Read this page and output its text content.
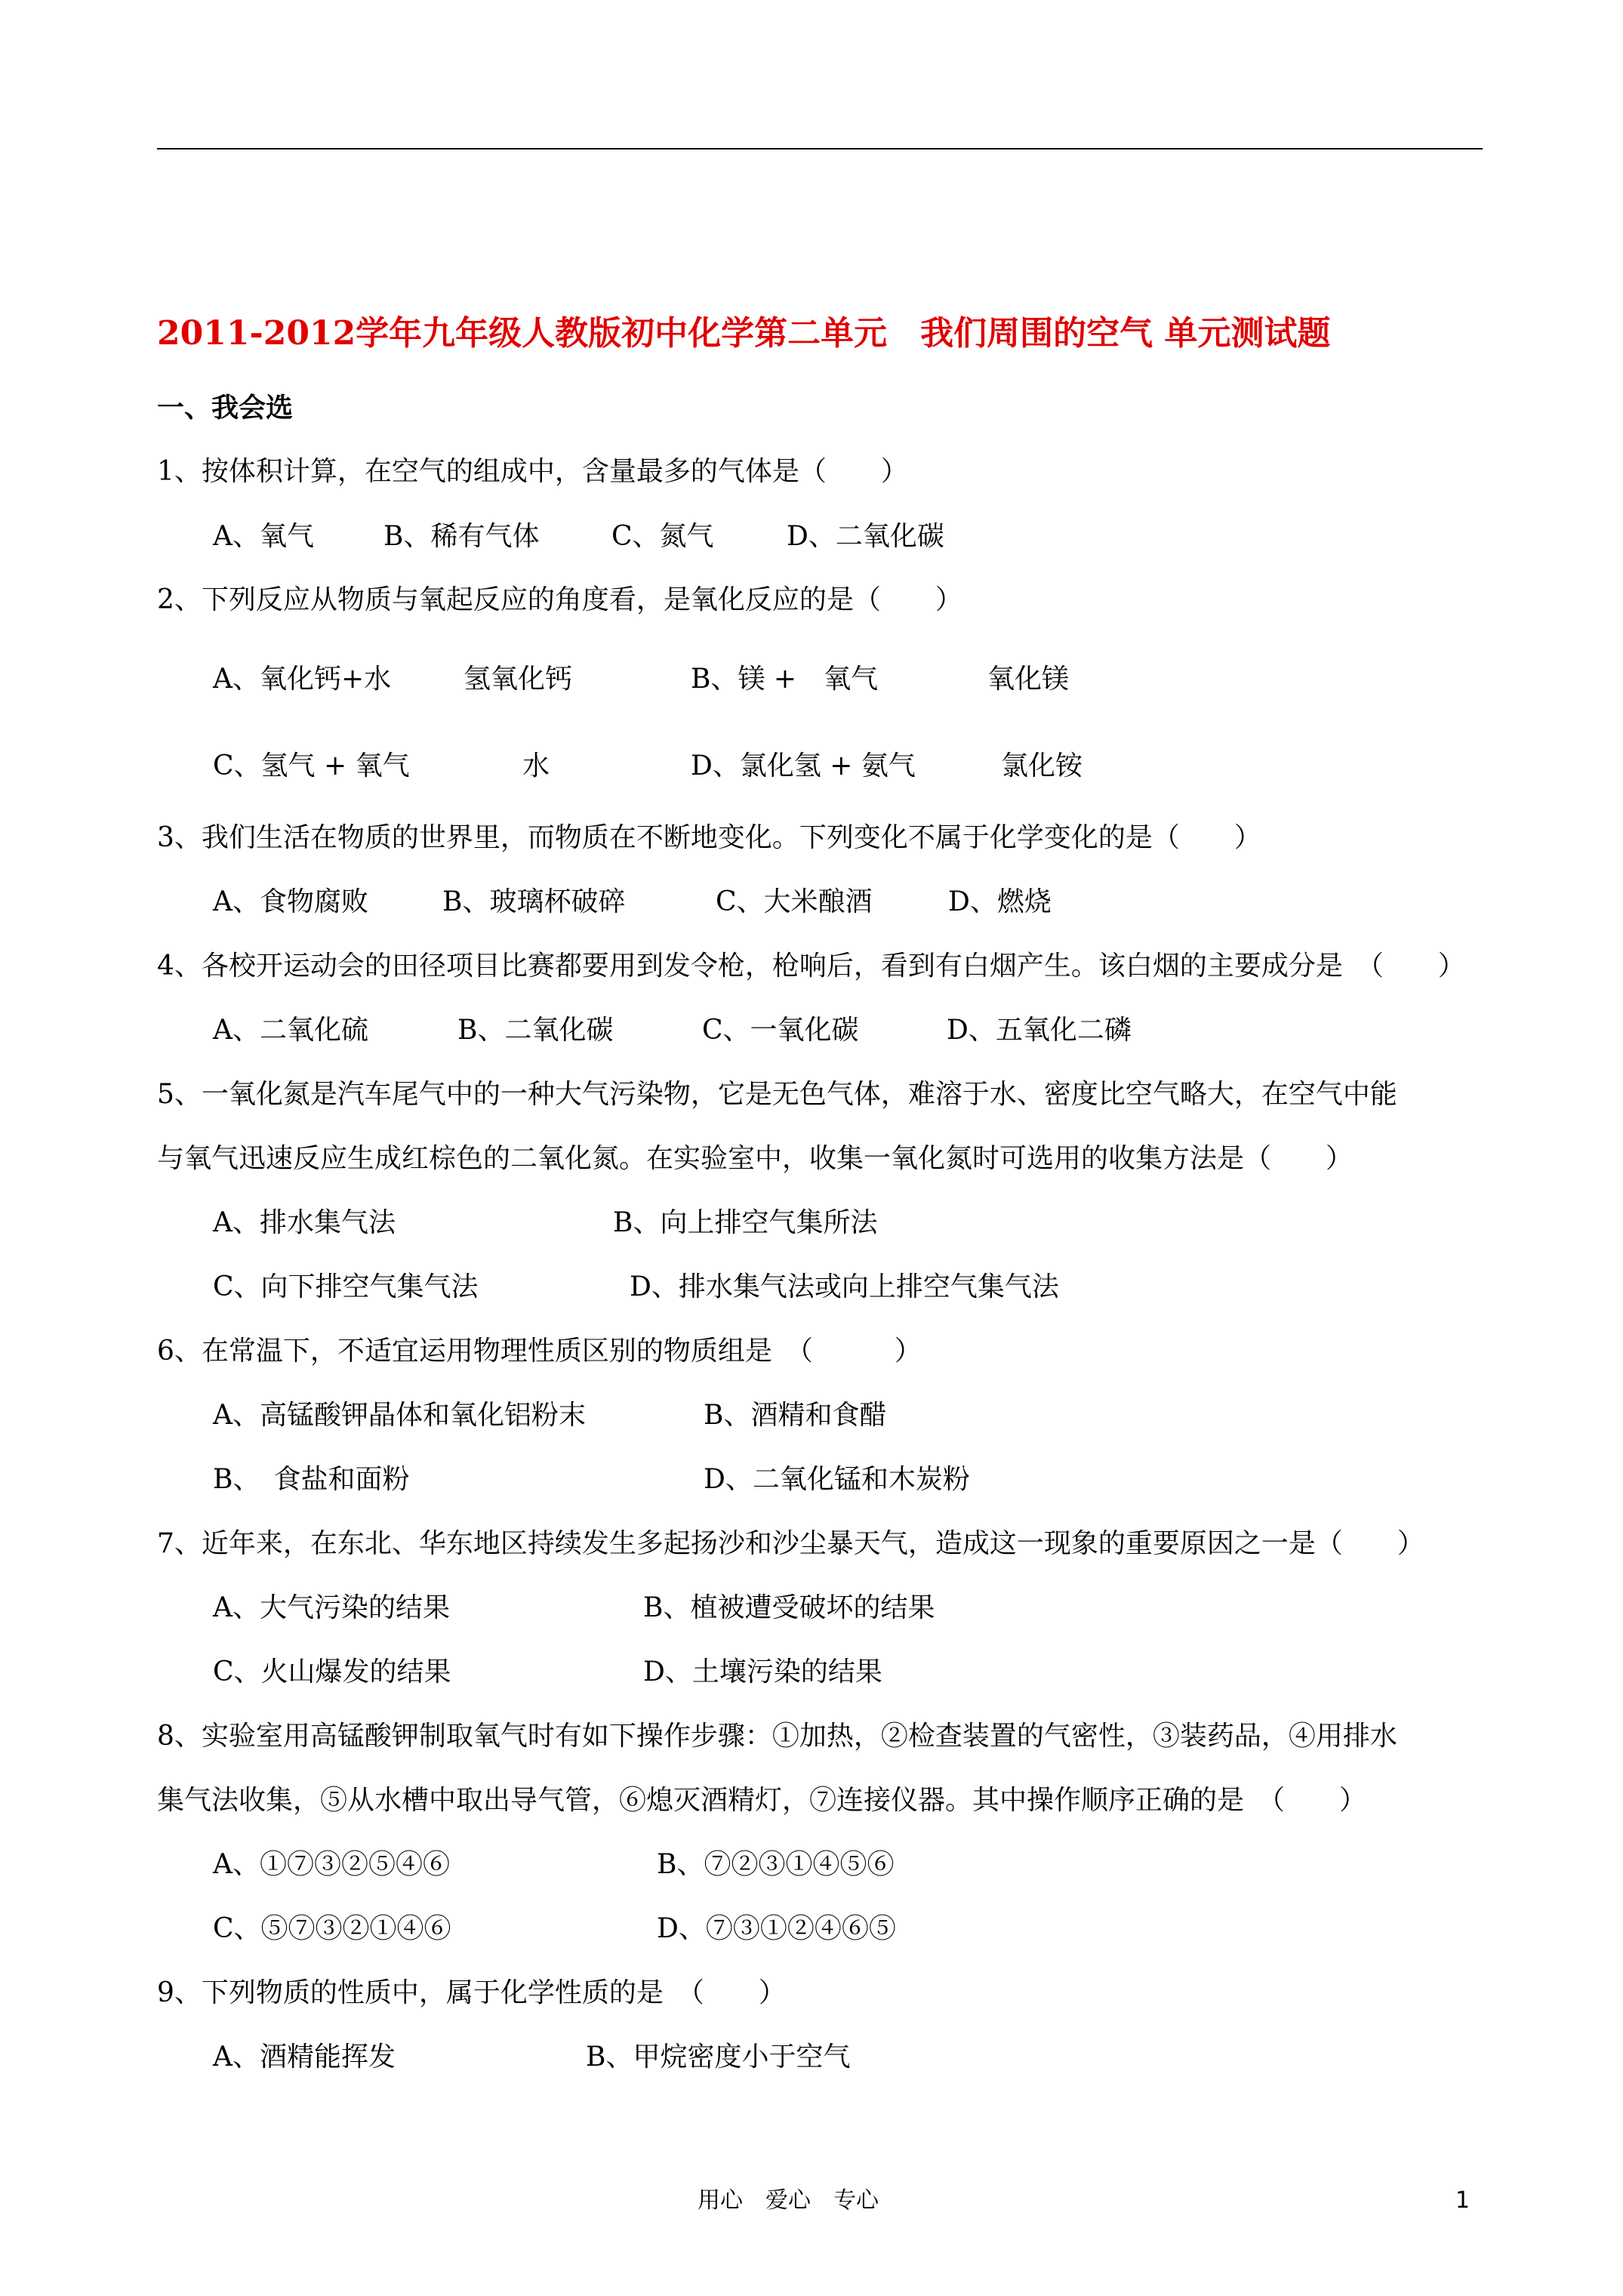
2011-2012学年九年级人教版初中化学第二单元　我们周围的空气 单元测试题
一、我会选
1、按体积计算，在空气的组成中，含量最多的气体是（　　）
A、氧气	B、稀有气体	C、氮气	D、二氧化碳
2、下列反应从物质与氧起反应的角度看，是氧化反应的是（　　）
A、氧化钙+水	氢氧化钙	B、镁 +　氧气	氧化镁
C、氢气 + 氧气	水	D、氯化氢 + 氨气	氯化铵
3、我们生活在物质的世界里，而物质在不断地变化。下列变化不属于化学变化的是（　　）
A、食物腐败	B、玻璃杯破碎	C、大米酿酒	D、燃烧
4、各校开运动会的田径项目比赛都要用到发令枪，枪响后，看到有白烟产生。该白烟的主要成分是　（　　）
A、二氧化硫	B、二氧化碳	C、一氧化碳	D、五氧化二磷
5、一氧化氮是汽车尾气中的一种大气污染物，它是无色气体，难溶于水、密度比空气略大，在空气中能
与氧气迅速反应生成红棕色的二氧化氮。在实验室中，收集一氧化氮时可选用的收集方法是（　　）
A、排水集气法	B、向上排空气集所法
C、向下排空气集气法	D、排水集气法或向上排空气集气法
6、在常温下，不适宜运用物理性质区别的物质组是　（　　　）
A、高锰酸钾晶体和氧化铝粉末	B、酒精和食醋
B、　食盐和面粉	D、二氧化锰和木炭粉
7、近年来，在东北、华东地区持续发生多起扬沙和沙尘暴天气，造成这一现象的重要原因之一是（　　）
A、大气污染的结果	B、植被遭受破坏的结果
C、火山爆发的结果	D、土壤污染的结果
8、实验室用高锰酸钾制取氧气时有如下操作步骤：①加热，②检查装置的气密性，③装药品，④用排水
集气法收集，⑤从水槽中取出导气管，⑥熄灭酒精灯，⑦连接仪器。其中操作顺序正确的是　（　　）
A、①⑦③②⑤④⑥	B、⑦②③①④⑤⑥
C、⑤⑦③②①④⑥	D、⑦③①②④⑥⑤
9、下列物质的性质中，属于化学性质的是　（　　）
A、酒精能挥发	B、甲烷密度小于空气
用心　爱心　专心	1
